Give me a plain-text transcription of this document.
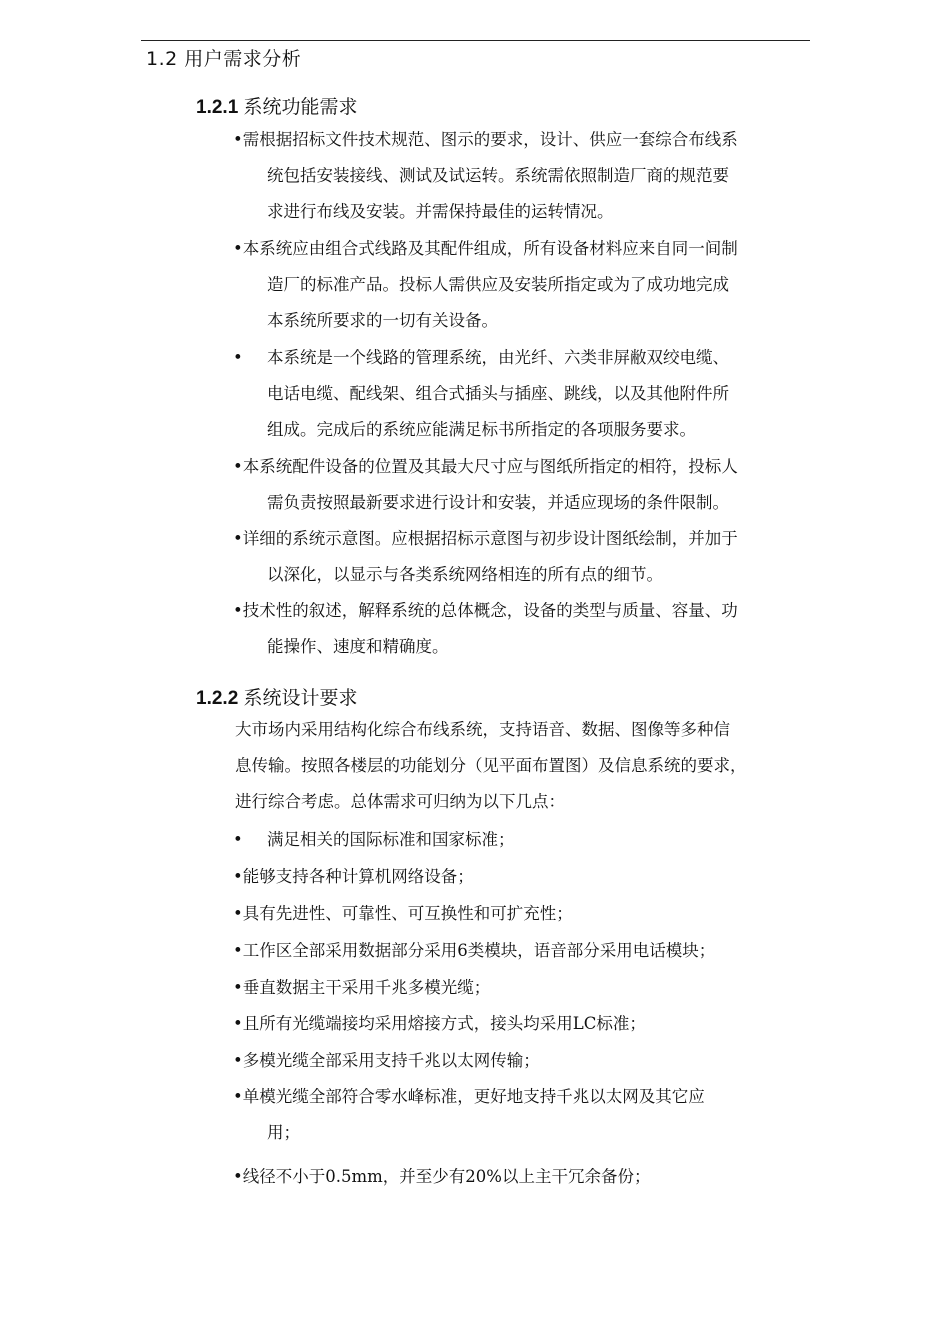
1.2 用户需求分析
1.2.1 系统功能需求
•需根据招标文件技术规范、图示的要求，设计、供应一套综合布线系
统包括安装接线、测试及试运转。系统需依照制造厂商的规范要
求进行布线及安装。并需保持最佳的运转情况。
•本系统应由组合式线路及其配件组成，所有设备材料应来自同一间制
造厂的标准产品。投标人需供应及安装所指定或为了成功地完成
本系统所要求的一切有关设备。
• 本系统是一个线路的管理系统，由光纤、六类非屏敝双绞电缆、
电话电缆、配线架、组合式插头与插座、跳线，以及其他附件所
组成。完成后的系统应能满足标书所指定的各项服务要求。
•本系统配件设备的位置及其最大尺寸应与图纸所指定的相符，投标人
需负责按照最新要求进行设计和安装，并适应现场的条件限制。
•详细的系统示意图。应根据招标示意图与初步设计图纸绘制，并加于
以深化，以显示与各类系统网络相连的所有点的细节。
•技术性的叙述，解释系统的总体概念，设备的类型与质量、容量、功
能操作、速度和精确度。
1.2.2 系统设计要求
大市场内采用结构化综合布线系统，支持语音、数据、图像等多种信
息传输。按照各楼层的功能划分（见平面布置图）及信息系统的要求，
进行综合考虑。总体需求可归纳为以下几点：
• 满足相关的国际标准和国家标准；
•能够支持各种计算机网络设备；
•具有先进性、可靠性、可互换性和可扩充性；
•工作区全部采用数据部分采用6类模块，语音部分采用电话模块；
•垂直数据主干采用千兆多模光缆；
•且所有光缆端接均采用熔接方式，接头均采用LC标准；
•多模光缆全部采用支持千兆以太网传输；
•单模光缆全部符合零水峰标准，更好地支持千兆以太网及其它应
用；
•线径不小于0.5mm，并至少有20%以上主干冗余备份；
